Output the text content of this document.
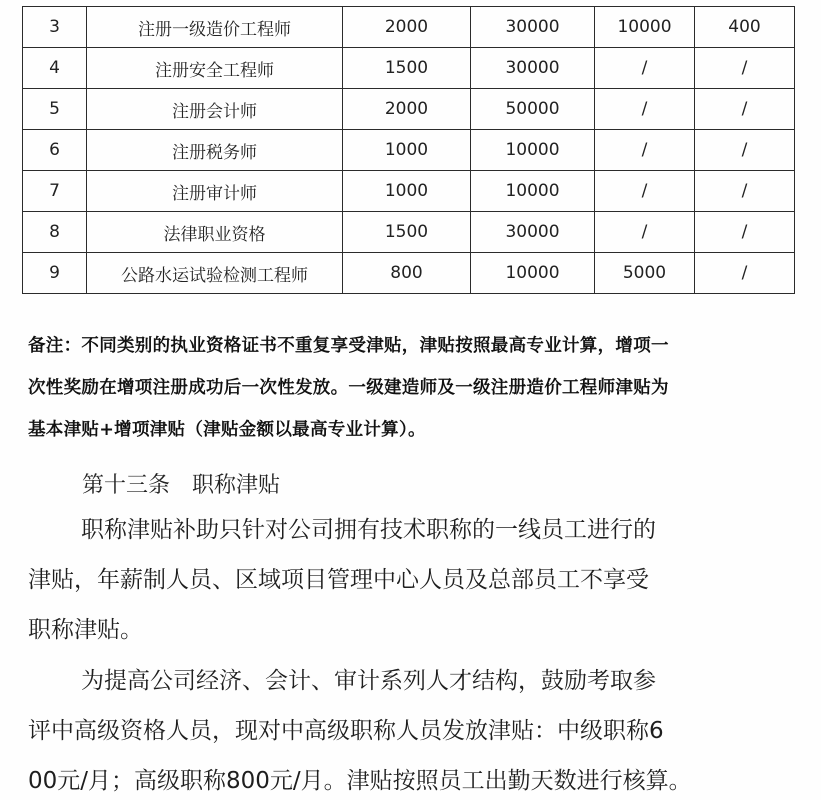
3	注册一级造价工程师	2000	30000	10000	400
4	注册安全工程师	1500	30000	/	/
5	注册会计师	2000	50000	/	/
6	注册税务师	1000	10000	/	/
7	注册审计师	1000	10000	/	/
8	法律职业资格	1500	30000	/	/
9	公路水运试验检测工程师	800	10000	5000	/
备注：不同类别的执业资格证书不重复享受津贴，津贴按照最高专业计算，增项一
次性奖励在增项注册成功后一次性发放。一级建造师及一级注册造价工程师津贴为
基本津贴+增项津贴（津贴金额以最高专业计算）。
第十三条　职称津贴
职称津贴补助只针对公司拥有技术职称的一线员工进行的
津贴，年薪制人员、区域项目管理中心人员及总部员工不享受
职称津贴。
为提高公司经济、会计、审计系列人才结构，鼓励考取参
评中高级资格人员，现对中高级职称人员发放津贴：中级职称6
00元/月；高级职称800元/月。津贴按照员工出勤天数进行核算。
